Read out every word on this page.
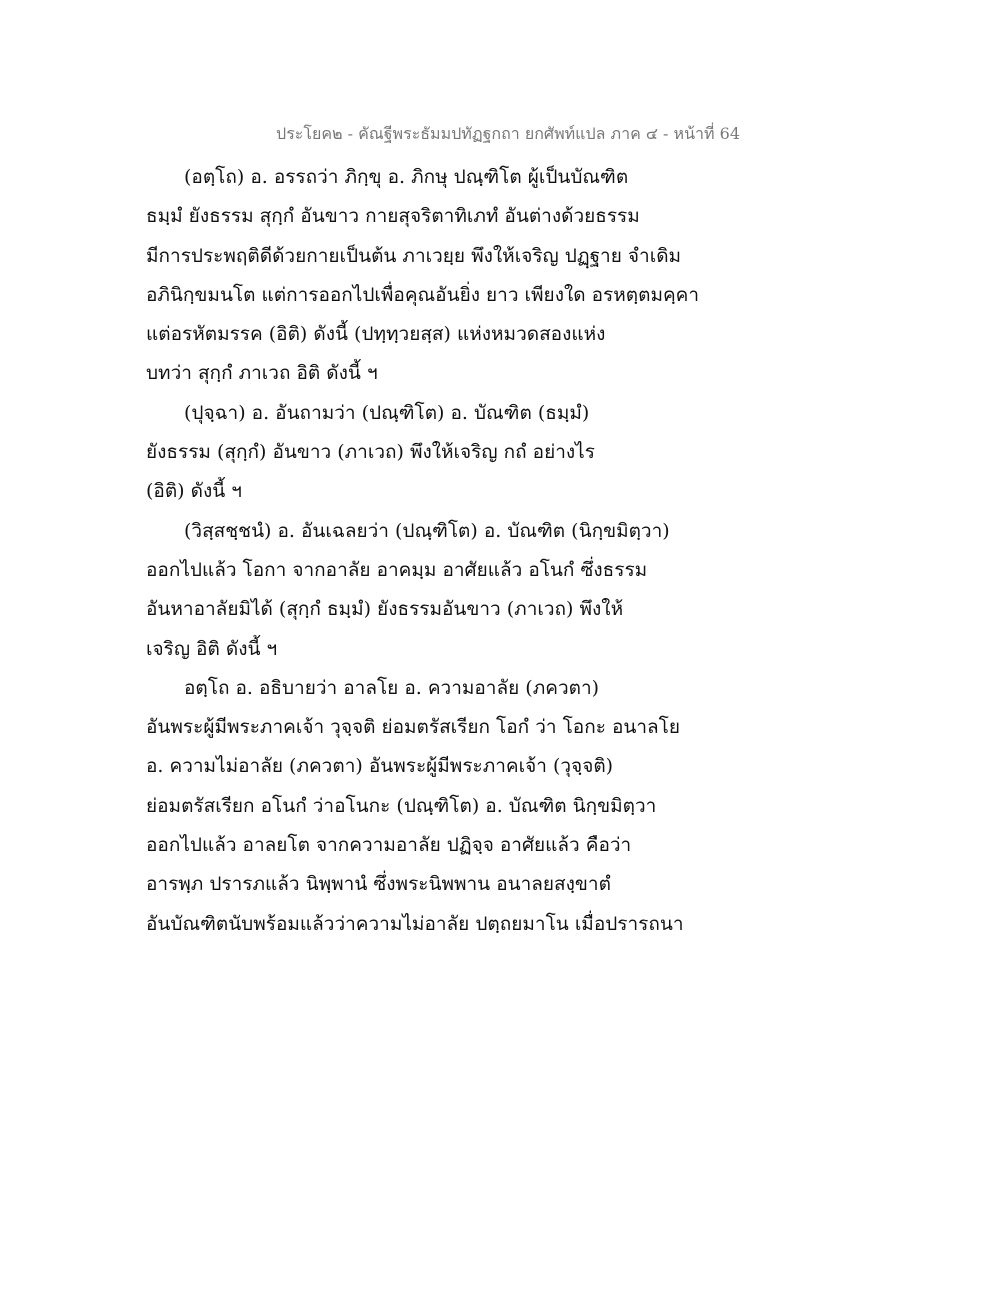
ประโยค๒ - คัณฐีพระธัมมปทัฏฐกถา ยกศัพท์แปล ภาค ๔ - หน้าที่ 64
(อตฺโถ) อ. อรรถว่า ภิกฺขุ อ. ภิกษุ ปณฺฑิโต ผู้เป็นบัณฑิต
ธมฺมํ ยังธรรม สุกฺกํ อันขาว กายสุจริตาทิเภทํ อันต่างด้วยธรรม
มีการประพฤติดีด้วยกายเป็นต้น ภาเวยฺย พึงให้เจริญ ปฏฺฐาย จำเดิม
อภินิกฺขมนโต แต่การออกไปเพื่อคุณอันยิ่ง ยาว เพียงใด อรหตฺตมคฺคา
แต่อรหัตมรรค (อิติ) ดังนี้ (ปทฺทฺวยสฺส) แห่งหมวดสองแห่ง
บทว่า สุกฺกํ ภาเวถ อิติ ดังนี้ ฯ
(ปุจฺฉา) อ. อันถามว่า (ปณฺฑิโต) อ. บัณฑิต (ธมฺมํ)
ยังธรรม (สุกฺกํ) อันขาว (ภาเวถ) พึงให้เจริญ กถํ อย่างไร
(อิติ) ดังนี้ ฯ
(วิสฺสชฺชนํ) อ. อันเฉลยว่า (ปณฺฑิโต) อ. บัณฑิต (นิกฺขมิตฺวา)
ออกไปแล้ว โอกา จากอาลัย อาคมฺม อาศัยแล้ว อโนกํ ซึ่งธรรม
อันหาอาลัยมิได้ (สุกฺกํ ธมฺมํ) ยังธรรมอันขาว (ภาเวถ) พึงให้
เจริญ อิติ ดังนี้ ฯ
อตฺโถ อ. อธิบายว่า อาลโย อ. ความอาลัย (ภควตา)
อันพระผู้มีพระภาคเจ้า วุจฺจติ ย่อมตรัสเรียก โอกํ ว่า โอกะ อนาลโย
อ. ความไม่อาลัย (ภควตา) อันพระผู้มีพระภาคเจ้า (วุจฺจติ)
ย่อมตรัสเรียก อโนกํ ว่าอโนกะ (ปณฺฑิโต) อ. บัณฑิต นิกฺขมิตฺวา
ออกไปแล้ว อาลยโต จากความอาลัย ปฏิจฺจ อาศัยแล้ว คือว่า
อารพฺภ ปรารภแล้ว นิพฺพานํ ซึ่งพระนิพพาน อนาลยสงฺขาตํ
อันบัณฑิตนับพร้อมแล้วว่าความไม่อาลัย ปตฺถยมาโน เมื่อปรารถนา
